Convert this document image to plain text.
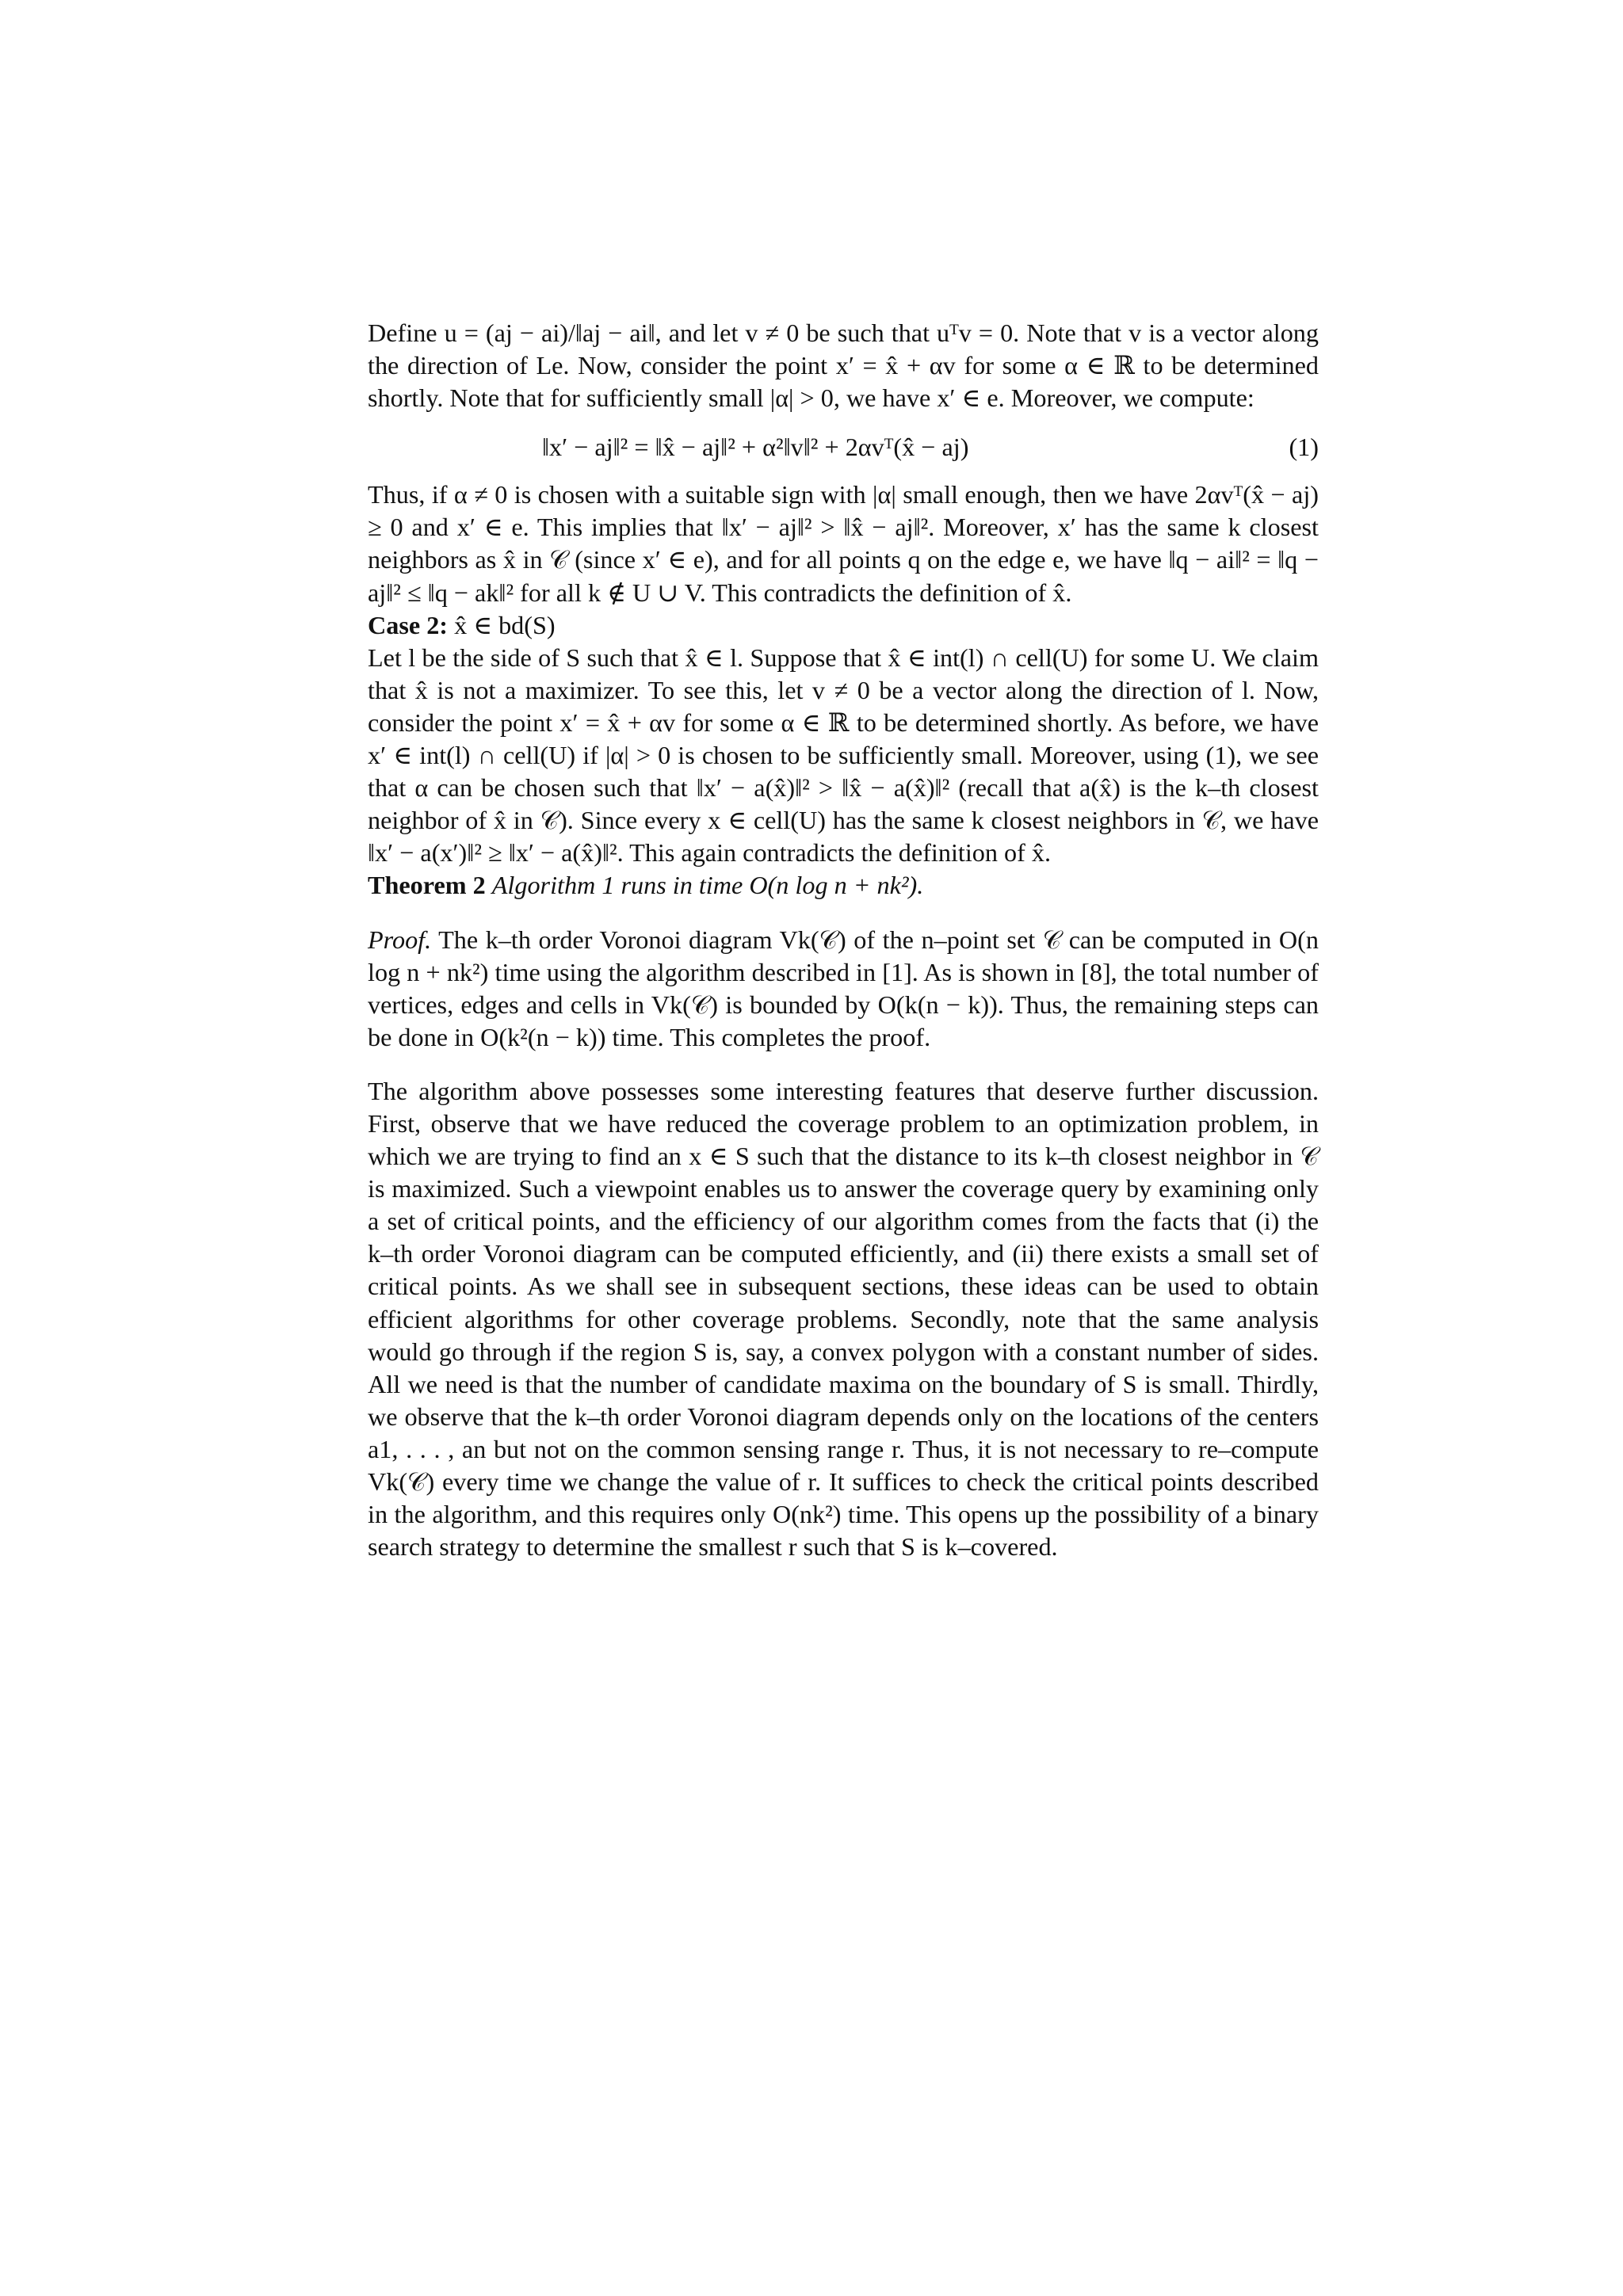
Define u = (aj − ai)/‖aj − ai‖, and let v ≠ 0 be such that uᵀv = 0. Note that v is a vector along the direction of Le. Now, consider the point x′ = x̂ + αv for some α ∈ ℝ to be determined shortly. Note that for sufficiently small |α| > 0, we have x′ ∈ e. Moreover, we compute:

‖x′ − aj‖² = ‖x̂ − aj‖² + α²‖v‖² + 2αvᵀ(x̂ − aj)	(1)

Thus, if α ≠ 0 is chosen with a suitable sign with |α| small enough, then we have 2αvᵀ(x̂ − aj) ≥ 0 and x′ ∈ e. This implies that ‖x′ − aj‖² > ‖x̂ − aj‖². Moreover, x′ has the same k closest neighbors as x̂ in 𝒞 (since x′ ∈ e), and for all points q on the edge e, we have ‖q − ai‖² = ‖q − aj‖² ≤ ‖q − ak‖² for all k ∉ U ∪ V. This contradicts the definition of x̂.

Case 2: x̂ ∈ bd(S)

Let l be the side of S such that x̂ ∈ l. Suppose that x̂ ∈ int(l) ∩ cell(U) for some U. We claim that x̂ is not a maximizer. To see this, let v ≠ 0 be a vector along the direction of l. Now, consider the point x′ = x̂ + αv for some α ∈ ℝ to be determined shortly. As before, we have x′ ∈ int(l) ∩ cell(U) if |α| > 0 is chosen to be sufficiently small. Moreover, using (1), we see that α can be chosen such that ‖x′ − a(x̂)‖² > ‖x̂ − a(x̂)‖² (recall that a(x̂) is the k–th closest neighbor of x̂ in 𝒞). Since every x ∈ cell(U) has the same k closest neighbors in 𝒞, we have ‖x′ − a(x′)‖² ≥ ‖x′ − a(x̂)‖². This again contradicts the definition of x̂.

Theorem 2 Algorithm 1 runs in time O(n log n + nk²).

Proof. The k–th order Voronoi diagram Vk(𝒞) of the n–point set 𝒞 can be computed in O(n log n + nk²) time using the algorithm described in [1]. As is shown in [8], the total number of vertices, edges and cells in Vk(𝒞) is bounded by O(k(n − k)). Thus, the remaining steps can be done in O(k²(n − k)) time. This completes the proof.

The algorithm above possesses some interesting features that deserve further discussion. First, observe that we have reduced the coverage problem to an optimization problem, in which we are trying to find an x ∈ S such that the distance to its k–th closest neighbor in 𝒞 is maximized. Such a viewpoint enables us to answer the coverage query by examining only a set of critical points, and the efficiency of our algorithm comes from the facts that (i) the k–th order Voronoi diagram can be computed efficiently, and (ii) there exists a small set of critical points. As we shall see in subsequent sections, these ideas can be used to obtain efficient algorithms for other coverage problems. Secondly, note that the same analysis would go through if the region S is, say, a convex polygon with a constant number of sides. All we need is that the number of candidate maxima on the boundary of S is small. Thirdly, we observe that the k–th order Voronoi diagram depends only on the locations of the centers a1, . . . , an but not on the common sensing range r. Thus, it is not necessary to re–compute Vk(𝒞) every time we change the value of r. It suffices to check the critical points described in the algorithm, and this requires only O(nk²) time. This opens up the possibility of a binary search strategy to determine the smallest r such that S is k–covered.
